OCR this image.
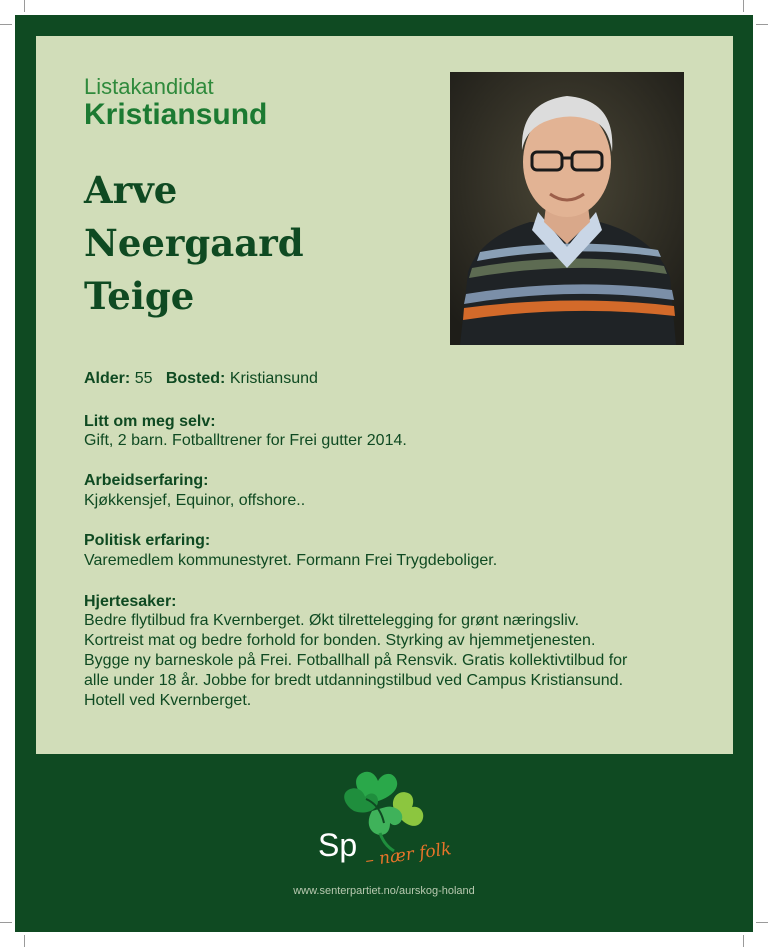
Listakandidat
Kristiansund
Arve
Neergaard
Teige
Alder: 55 Bosted: Kristiansund
Litt om meg selv:
Gift, 2 barn. Fotballtrener for Frei gutter 2014.
Arbeidserfaring:
Kjøkkensjef, Equinor, offshore..
Politisk erfaring:
Varemedlem kommunestyret. Formann Frei Trygdeboliger.
Hjertesaker:
Bedre flytilbud fra Kvernberget. Økt tilrettelegging for grønt næringsliv.
Kortreist mat og bedre forhold for bonden. Styrking av hjemmetjenesten.
Bygge ny barneskole på Frei. Fotballhall på Rensvik. Gratis kollektivtilbud for
alle under 18 år. Jobbe for bredt utdanningstilbud ved Campus Kristiansund.
Hotell ved Kvernberget.
Sp – nær folk
www.senterpartiet.no/aurskog-holand
